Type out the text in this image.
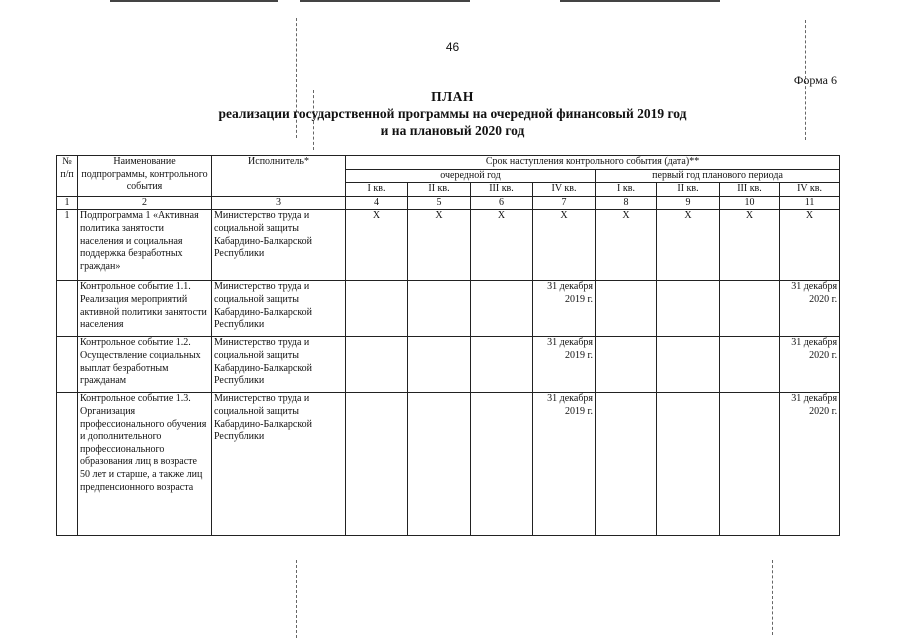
46
Форма 6
ПЛАН
реализации государственной программы на очередной финансовый 2019 год
и на плановый 2020 год
№ п/п	Наименование подпрограммы, контрольного события	Исполнитель*	Срок наступления контрольного события (дата)**							
			очередной год				первый год планового периода			
			I кв.	II кв.	III кв.	IV кв.	I кв.	II кв.	III кв.	IV кв.
1	2	3	4	5	6	7	8	9	10	11
1	Подпрограмма 1 «Активная политика занятости населения и социальная поддержка безработных граждан»	Министерство труда и социальной защиты Кабардино-Балкарской Республики	X	X	X	X	X	X	X	X
	Контрольное событие 1.1. Реализация мероприятий активной политики занятости населения	Министерство труда и социальной защиты Кабардино-Балкарской Республики				31 декабря 2019 г.				31 декабря 2020 г.
	Контрольное событие 1.2. Осуществление социальных выплат безработным гражданам	Министерство труда и социальной защиты Кабардино-Балкарской Республики				31 декабря 2019 г.				31 декабря 2020 г.
	Контрольное событие 1.3. Организация профессионального обучения и дополнительного профессионального образования лиц в возрасте 50 лет и старше, а также лиц предпенсионного возраста	Министерство труда и социальной защиты Кабардино-Балкарской Республики				31 декабря 2019 г.				31 декабря 2020 г.
